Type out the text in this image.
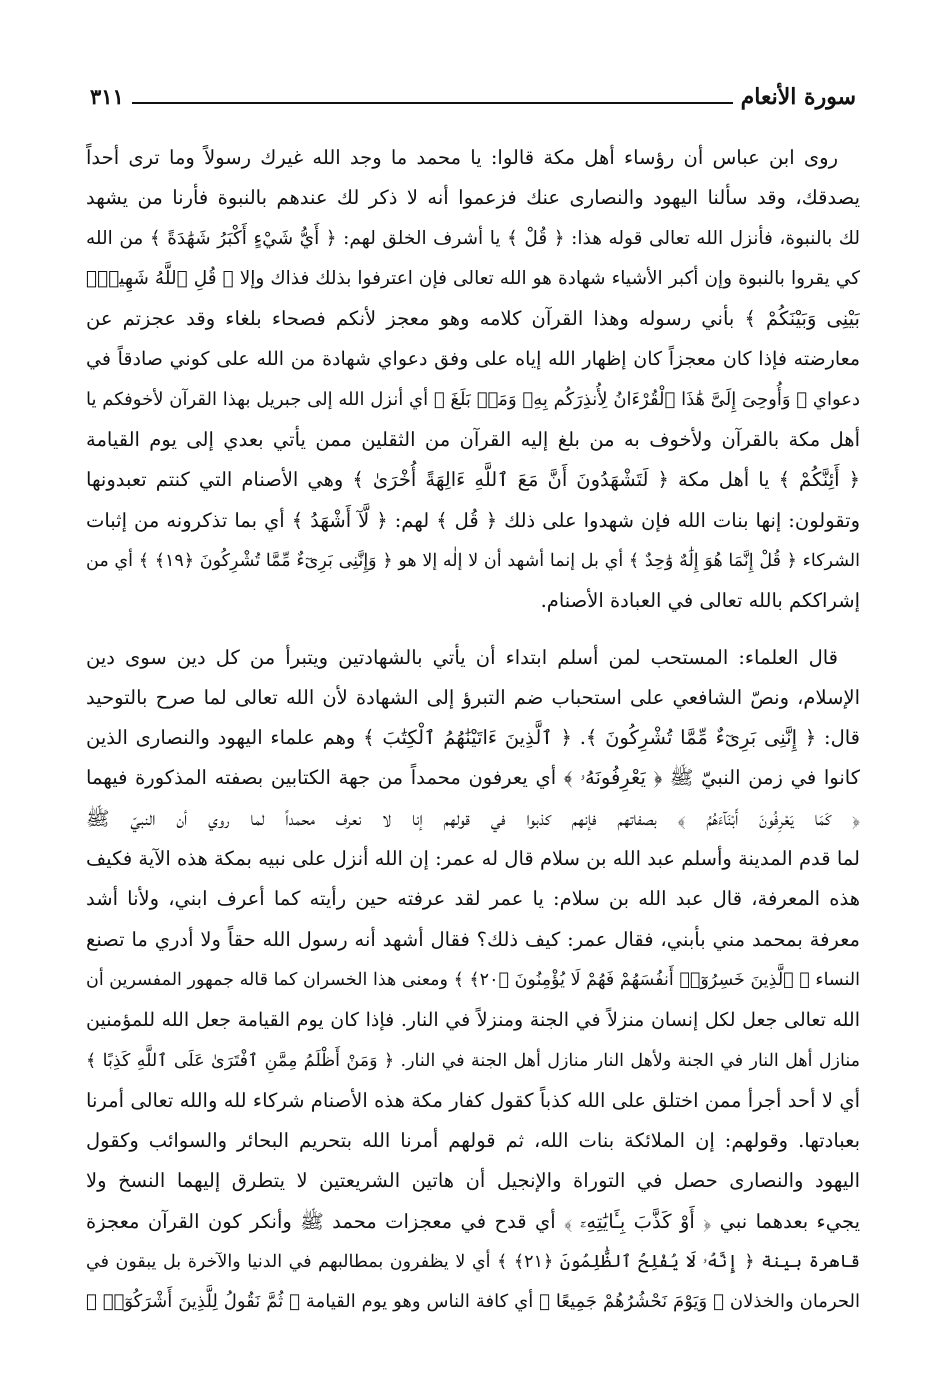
٣١١	سورة الأنعام
روى ابن عباس أن رؤساء أهل مكة قالوا: يا محمد ما وجد الله غيرك رسولاً وما ترى أحداً
يصدقك، وقد سألنا اليهود والنصارى عنك فزعموا أنه لا ذكر لك عندهم بالنبوة فأرنا من يشهد
لك بالنبوة، فأنزل الله تعالى قوله هذا: ﴿ قُلْ ﴾ يا أشرف الخلق لهم: ﴿ أَيُّ شَيْءٍ أَكْبَرُ شَهَٰدَةً ﴾ من الله
كي يقروا بالنبوة وإن أكبر الأشياء شهادة هو الله تعالى فإن اعترفوا بذلك فذاك وإلا ﴿ قُلِ ٱللَّهُ شَهِيدٌۢ
بَيْنِى وَبَيْنَكُمْ ﴾ بأني رسوله وهذا القرآن كلامه وهو معجز لأنكم فصحاء بلغاء وقد عجزتم عن
معارضته فإذا كان معجزاً كان إظهار الله إياه على وفق دعواي شهادة من الله على كوني صادقاً في
دعواي ﴿ وَأُوحِىَ إِلَىَّ هَٰذَا ٱلْقُرْءَانُ لِأُنذِرَكُم بِهِۦ وَمَنۢ بَلَغَ ﴾ أي أنزل الله إلى جبريل بهذا القرآن لأخوفكم يا
أهل مكة بالقرآن ولأخوف به من بلغ إليه القرآن من الثقلين ممن يأتي بعدي إلى يوم القيامة
﴿ أَئِنَّكُمْ ﴾ يا أهل مكة ﴿ لَتَشْهَدُونَ أَنَّ مَعَ ٱللَّهِ ءَالِهَةً أُخْرَىٰ ﴾ وهي الأصنام التي كنتم تعبدونها
وتقولون: إنها بنات الله فإن شهدوا على ذلك ﴿ قُل ﴾ لهم: ﴿ لَّآ أَشْهَدُ ﴾ أي بما تذكرونه من إثبات
الشركاء ﴿ قُلْ إِنَّمَا هُوَ إِلَٰهٌ وَٰحِدٌ ﴾ أي بل إنما أشهد أن لا إلٰه إلا هو ﴿ وَإِنَّنِى بَرِىٓءٌ مِّمَّا تُشْرِكُونَ ﴿١٩﴾ ﴾ أي من
إشراككم بالله تعالى في العبادة الأصنام.
قال العلماء: المستحب لمن أسلم ابتداء أن يأتي بالشهادتين ويتبرأ من كل دين سوى دين
الإسلام، ونصّ الشافعي على استحباب ضم التبرؤ إلى الشهادة لأن الله تعالى لما صرح بالتوحيد
قال: ﴿ إِنَّنِى بَرِىٓءٌ مِّمَّا تُشْرِكُونَ ﴾. ﴿ ٱلَّذِينَ ءَاتَيْنَٰهُمُ ٱلْكِتَٰبَ ﴾ وهم علماء اليهود والنصارى الذين
كانوا في زمن النبيّ ﷺ ﴿ يَعْرِفُونَهُۥ ﴾ أي يعرفون محمداً من جهة الكتابين بصفته المذكورة فيهما
﴿ كَمَا يَعْرِفُونَ أَبْنَآءَهُمُ ﴾ بصفاتهم فإنهم كذبوا في قولهم إنا لا نعرف محمداً لما روي أن النبيّ ﷺ
لما قدم المدينة وأسلم عبد الله بن سلام قال له عمر: إن الله أنزل على نبيه بمكة هذه الآية فكيف
هذه المعرفة، قال عبد الله بن سلام: يا عمر لقد عرفته حين رأيته كما أعرف ابني، ولأنا أشد
معرفة بمحمد مني بأبني، فقال عمر: كيف ذلك؟ فقال أشهد أنه رسول الله حقاً ولا أدري ما تصنع
النساء ﴿ ٱلَّذِينَ خَسِرُوٓا۟ أَنفُسَهُمْ فَهُمْ لَا يُؤْمِنُونَ ﴿٢٠﴾ ﴾ ومعنى هذا الخسران كما قاله جمهور المفسرين أن
الله تعالى جعل لكل إنسان منزلاً في الجنة ومنزلاً في النار. فإذا كان يوم القيامة جعل الله للمؤمنين
منازل أهل النار في الجنة ولأهل النار منازل أهل الجنة في النار. ﴿ وَمَنْ أَظْلَمُ مِمَّنِ ٱفْتَرَىٰ عَلَى ٱللَّهِ كَذِبًا ﴾
أي لا أحد أجرأ ممن اختلق على الله كذباً كقول كفار مكة هذه الأصنام شركاء لله والله تعالى أمرنا
بعبادتها. وقولهم: إن الملائكة بنات الله، ثم قولهم أمرنا الله بتحريم البحائر والسوائب وكقول
اليهود والنصارى حصل في التوراة والإنجيل أن هاتين الشريعتين لا يتطرق إليهما النسخ ولا
يجيء بعدهما نبي ﴿ أَوْ كَذَّبَ بِـَٔايَٰتِهِۦٓ ﴾ أي قدح في معجزات محمد ﷺ وأنكر كون القرآن معجزة
قاهرة بينة ﴿ إِنَّهُۥ لَا يُفْلِحُ ٱلظَّٰلِمُونَ ﴿٢١﴾ ﴾ أي لا يظفرون بمطالبهم في الدنيا والآخرة بل يبقون في
الحرمان والخذلان ﴿ وَيَوْمَ نَحْشُرُهُمْ جَمِيعًا ﴾ أي كافة الناس وهو يوم القيامة ﴿ ثُمَّ نَقُولُ لِلَّذِينَ أَشْرَكُوٓا۟ ﴾
